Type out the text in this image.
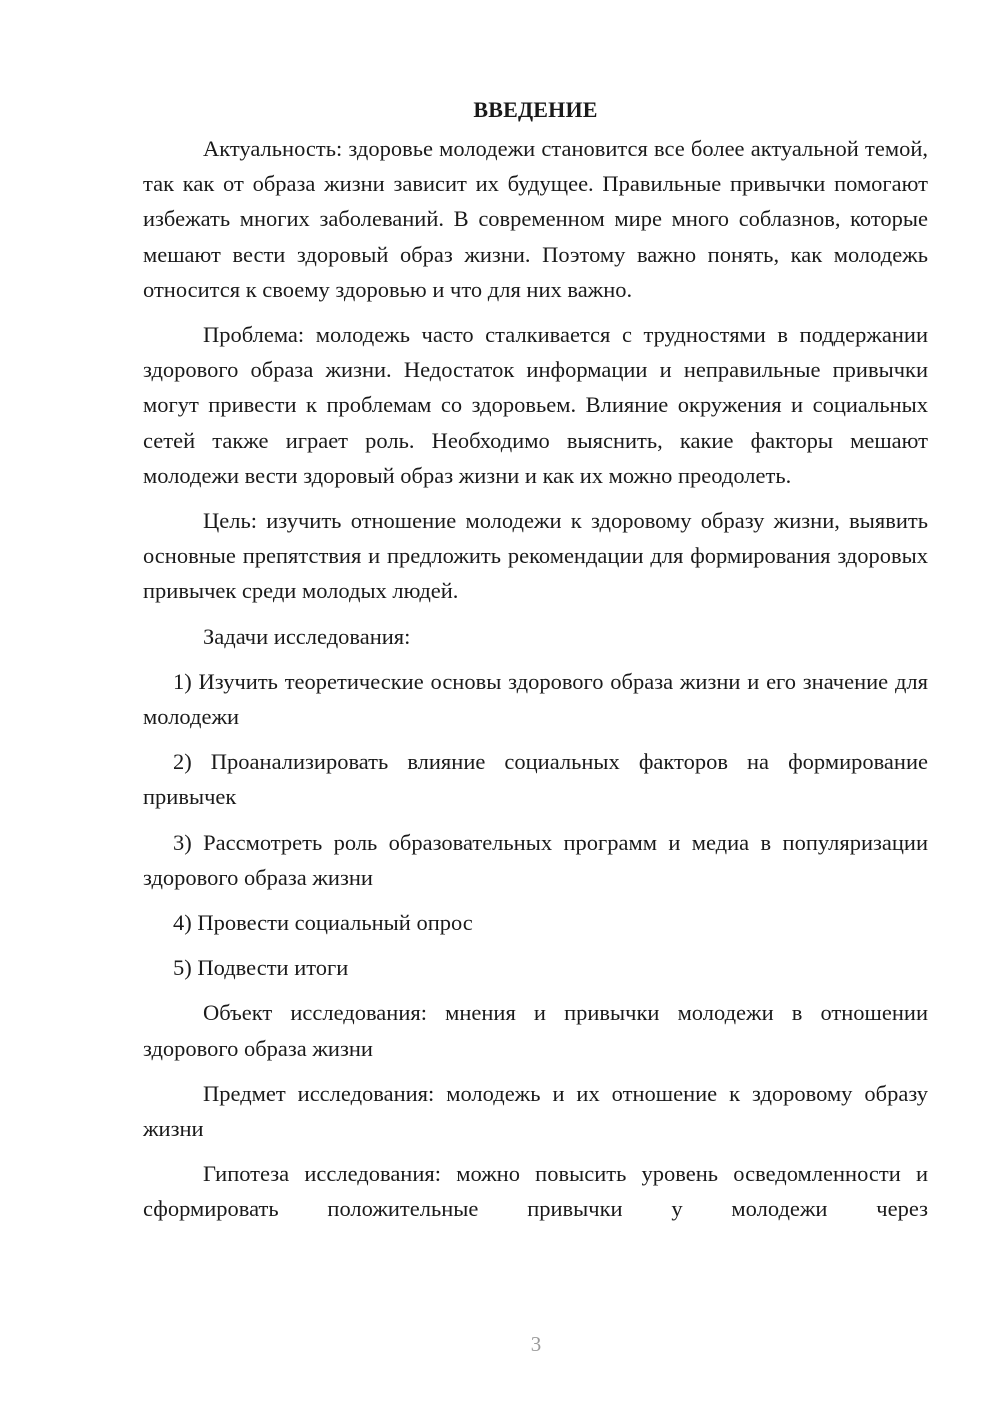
ВВЕДЕНИЕ

Актуальность: здоровье молодежи становится все более актуальной темой, так как от образа жизни зависит их будущее. Правильные привычки помогают избежать многих заболеваний. В современном мире много соблазнов, которые мешают вести здоровый образ жизни. Поэтому важно понять, как молодежь относится к своему здоровью и что для них важно.

Проблема: молодежь часто сталкивается с трудностями в поддержании здорового образа жизни. Недостаток информации и неправильные привычки могут привести к проблемам со здоровьем. Влияние окружения и социальных сетей также играет роль. Необходимо выяснить, какие факторы мешают молодежи вести здоровый образ жизни и как их можно преодолеть.

Цель: изучить отношение молодежи к здоровому образу жизни, выявить основные препятствия и предложить рекомендации для формирования здоровых привычек среди молодых людей.

Задачи исследования:

1) Изучить теоретические основы здорового образа жизни и его значение для молодежи

2) Проанализировать влияние социальных факторов на формирование привычек

3) Рассмотреть роль образовательных программ и медиа в популяризации здорового образа жизни

4) Провести социальный опрос

5) Подвести итоги

Объект исследования: мнения и привычки молодежи в отношении здорового образа жизни

Предмет исследования: молодежь и их отношение к здоровому образу жизни

Гипотеза исследования: можно повысить уровень осведомленности и сформировать положительные привычки у молодежи через

3
